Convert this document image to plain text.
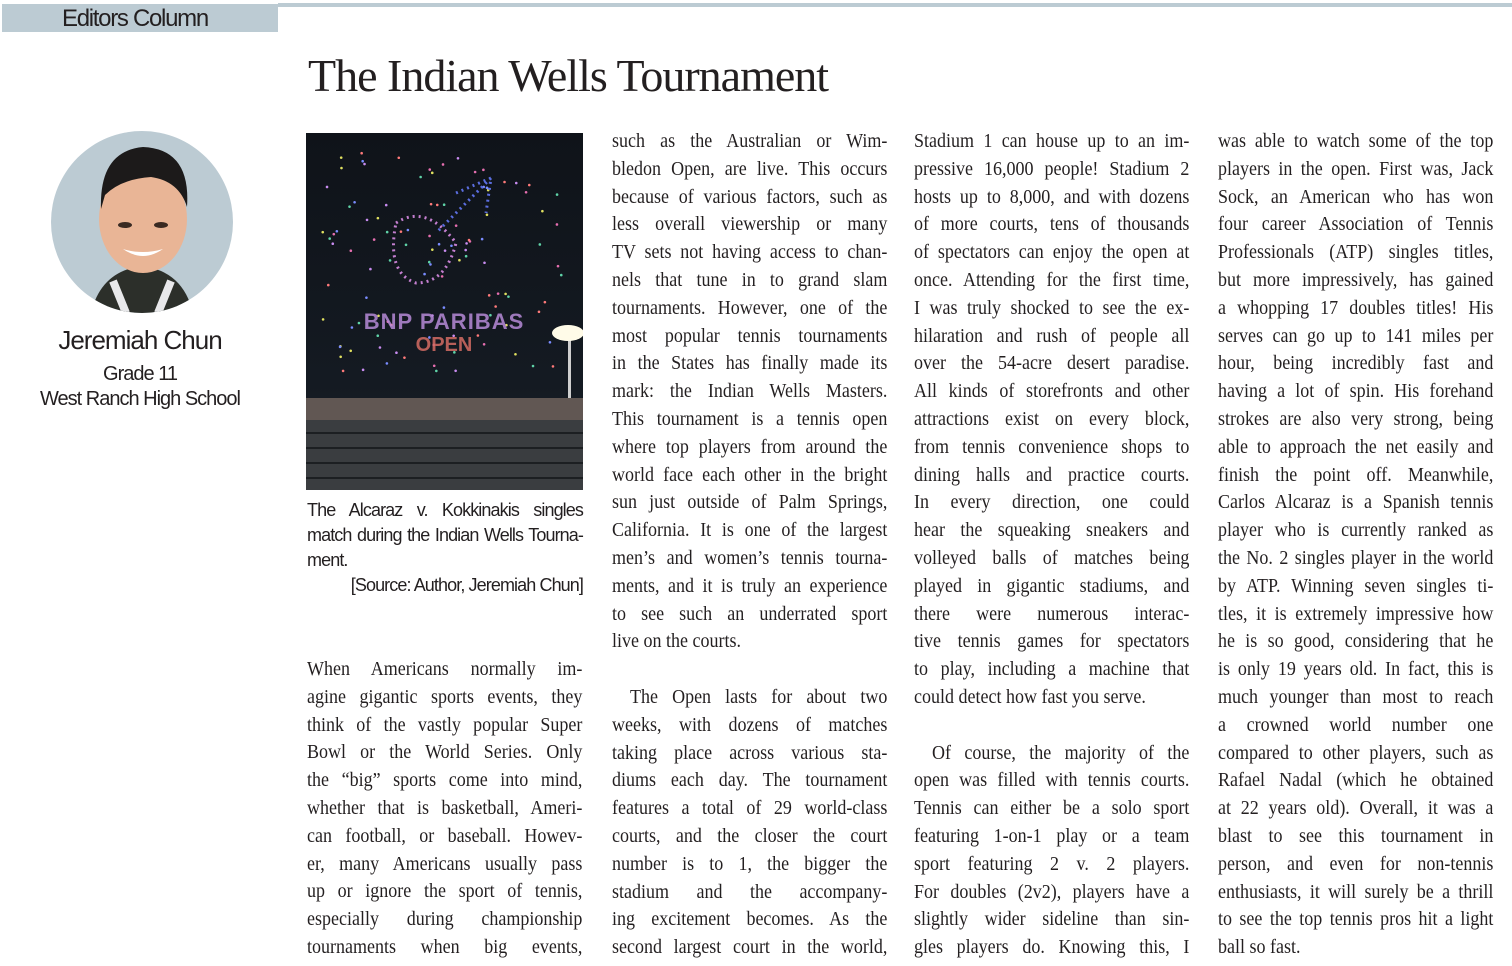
Editors Column
The Indian Wells Tournament
Jeremiah Chun
Grade 11
West Ranch High School
BNP PARIBAS
OPEN
The Alcaraz v. Kokkinakis singles
match during the Indian Wells Tourna-
ment.
[Source: Author, Jeremiah Chun]
When Americans normally im-
agine gigantic sports events, they
think of the vastly popular Super
Bowl or the World Series. Only
the “big” sports come into mind,
whether that is basketball, Ameri-
can football, or baseball. Howev-
er, many Americans usually pass
up or ignore the sport of tennis,
especially during championship
tournaments when big events,
such as the Australian or Wim-
bledon Open, are live. This occurs
because of various factors, such as
less overall viewership or many
TV sets not having access to chan-
nels that tune in to grand slam
tournaments. However, one of the
most popular tennis tournaments
in the States has finally made its
mark: the Indian Wells Masters.
This tournament is a tennis open
where top players from around the
world face each other in the bright
sun just outside of Palm Springs,
California. It is one of the largest
men’s and women’s tennis tourna-
ments, and it is truly an experience
to see such an underrated sport
live on the courts.
The Open lasts for about two
weeks, with dozens of matches
taking place across various sta-
diums each day. The tournament
features a total of 29 world-class
courts, and the closer the court
number is to 1, the bigger the
stadium and the accompany-
ing excitement becomes. As the
second largest court in the world,
Stadium 1 can house up to an im-
pressive 16,000 people! Stadium 2
hosts up to 8,000, and with dozens
of more courts, tens of thousands
of spectators can enjoy the open at
once. Attending for the first time,
I was truly shocked to see the ex-
hilaration and rush of people all
over the 54-acre desert paradise.
All kinds of storefronts and other
attractions exist on every block,
from tennis convenience shops to
dining halls and practice courts.
In every direction, one could
hear the squeaking sneakers and
volleyed balls of matches being
played in gigantic stadiums, and
there were numerous interac-
tive tennis games for spectators
to play, including a machine that
could detect how fast you serve.
Of course, the majority of the
open was filled with tennis courts.
Tennis can either be a solo sport
featuring 1-on-1 play or a team
sport featuring 2 v. 2 players.
For doubles (2v2), players have a
slightly wider sideline than sin-
gles players do. Knowing this, I
was able to watch some of the top
players in the open. First was, Jack
Sock, an American who has won
four career Association of Tennis
Professionals (ATP) singles titles,
but more impressively, has gained
a whopping 17 doubles titles! His
serves can go up to 141 miles per
hour, being incredibly fast and
having a lot of spin. His forehand
strokes are also very strong, being
able to approach the net easily and
finish the point off. Meanwhile,
Carlos Alcaraz is a Spanish tennis
player who is currently ranked as
the No. 2 singles player in the world
by ATP. Winning seven singles ti-
tles, it is extremely impressive how
he is so good, considering that he
is only 19 years old. In fact, this is
much younger than most to reach
a crowned world number one
compared to other players, such as
Rafael Nadal (which he obtained
at 22 years old). Overall, it was a
blast to see this tournament in
person, and even for non-tennis
enthusiasts, it will surely be a thrill
to see the top tennis pros hit a light
ball so fast.
